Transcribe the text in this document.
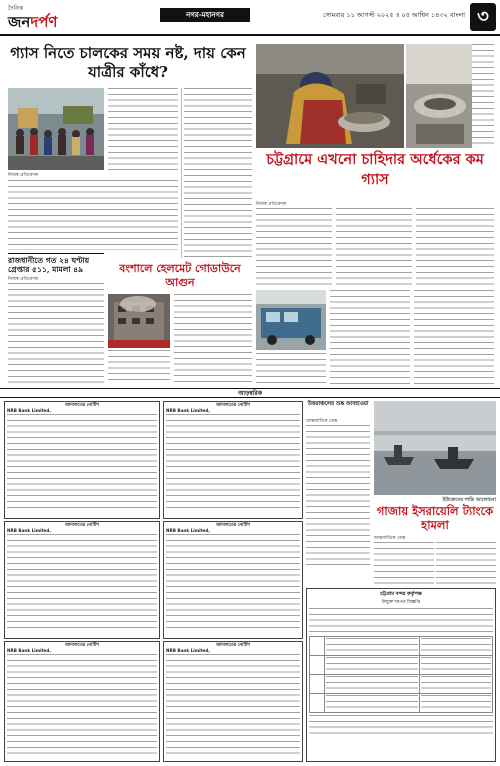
দৈনিক
জনদর্পণ	নগর-মহানগর	সোমবার ১১ আগস্ট ২০২৫ ॥ ০৫ আশ্বিন ১৪৩২ বাংলা ৩
গ্যাস নিতে চালকের সময় নষ্ট, দায় কেন যাত্রীর কাঁধে?
নিজস্ব প্রতিবেদক
রাজধানীতে গত ২৪ ঘণ্টায় গ্রেপ্তার ৫১১, মামলা ৪৯
নিজস্ব প্রতিবেদক
বংশালে হেলমেট গোডাউনে আগুন
চট্টগ্রামে এখনো চাহিদার অর্ধেকের কম গ্যাস
নিজস্ব প্রতিবেদক
আড়ম্বরিক
আদালতের নোটিশ
NRB Bank Limited,
আদালতের নোটিশ
NRB Bank Limited,
আদালতের নোটিশ
NRB Bank Limited,
আদালতের নোটিশ
NRB Bank Limited,
আদালতের নোটিশ
NRB Bank Limited,
আদালতের নোটিশ
NRB Bank Limited,
উত্তরাঞ্চলের শুষ্ক আবহাওয়া
আন্তর্জাতিক ডেস্ক
ইউক্রেনের শান্তি আলোচনা
গাজায় ইসরায়েলি ট্যাংকে হামলা
আন্তর্জাতিক ডেস্ক
চট্টগ্রাম বন্দর কর্তৃপক্ষ
উন্মুক্ত দরপত্র বিজ্ঞপ্তি
